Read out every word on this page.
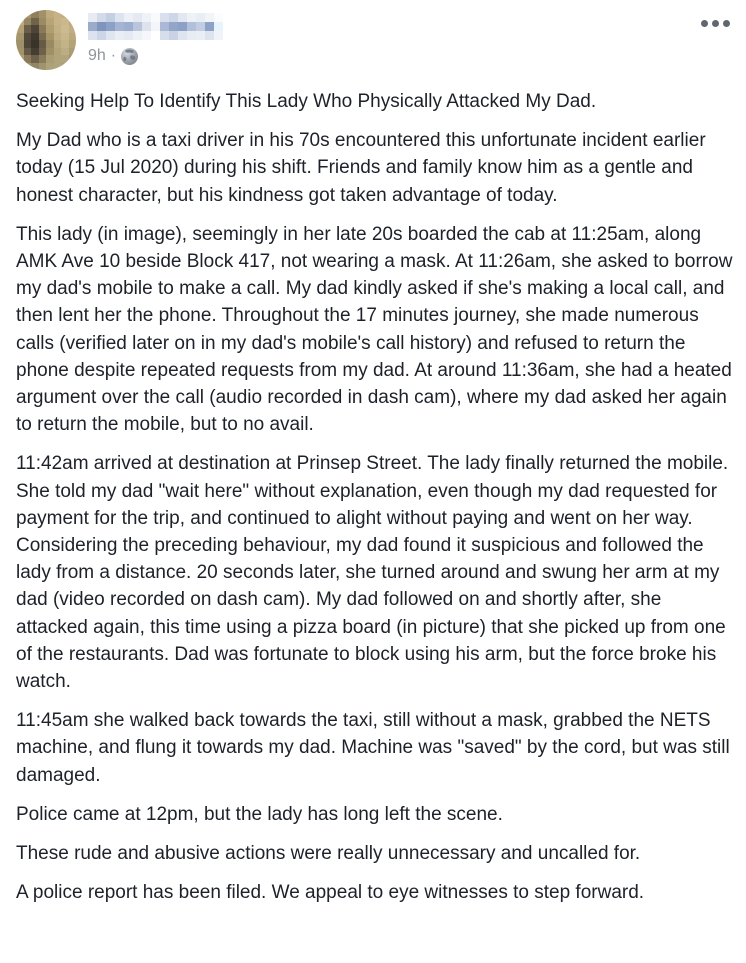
9h ·

Seeking Help To Identify This Lady Who Physically Attacked My Dad.

My Dad who is a taxi driver in his 70s encountered this unfortunate incident earlier today (15 Jul 2020) during his shift. Friends and family know him as a gentle and honest character, but his kindness got taken advantage of today.

This lady (in image), seemingly in her late 20s boarded the cab at 11:25am, along AMK Ave 10 beside Block 417, not wearing a mask. At 11:26am, she asked to borrow my dad's mobile to make a call. My dad kindly asked if she's making a local call, and then lent her the phone. Throughout the 17 minutes journey, she made numerous calls (verified later on in my dad's mobile's call history) and refused to return the phone despite repeated requests from my dad. At around 11:36am, she had a heated argument over the call (audio recorded in dash cam), where my dad asked her again to return the mobile, but to no avail.

11:42am arrived at destination at Prinsep Street. The lady finally returned the mobile. She told my dad "wait here" without explanation, even though my dad requested for payment for the trip, and continued to alight without paying and went on her way. Considering the preceding behaviour, my dad found it suspicious and followed the lady from a distance. 20 seconds later, she turned around and swung her arm at my dad (video recorded on dash cam). My dad followed on and shortly after, she attacked again, this time using a pizza board (in picture) that she picked up from one of the restaurants. Dad was fortunate to block using his arm, but the force broke his watch.

11:45am she walked back towards the taxi, still without a mask, grabbed the NETS machine, and flung it towards my dad. Machine was "saved" by the cord, but was still damaged.

Police came at 12pm, but the lady has long left the scene.

These rude and abusive actions were really unnecessary and uncalled for.

A police report has been filed. We appeal to eye witnesses to step forward.
